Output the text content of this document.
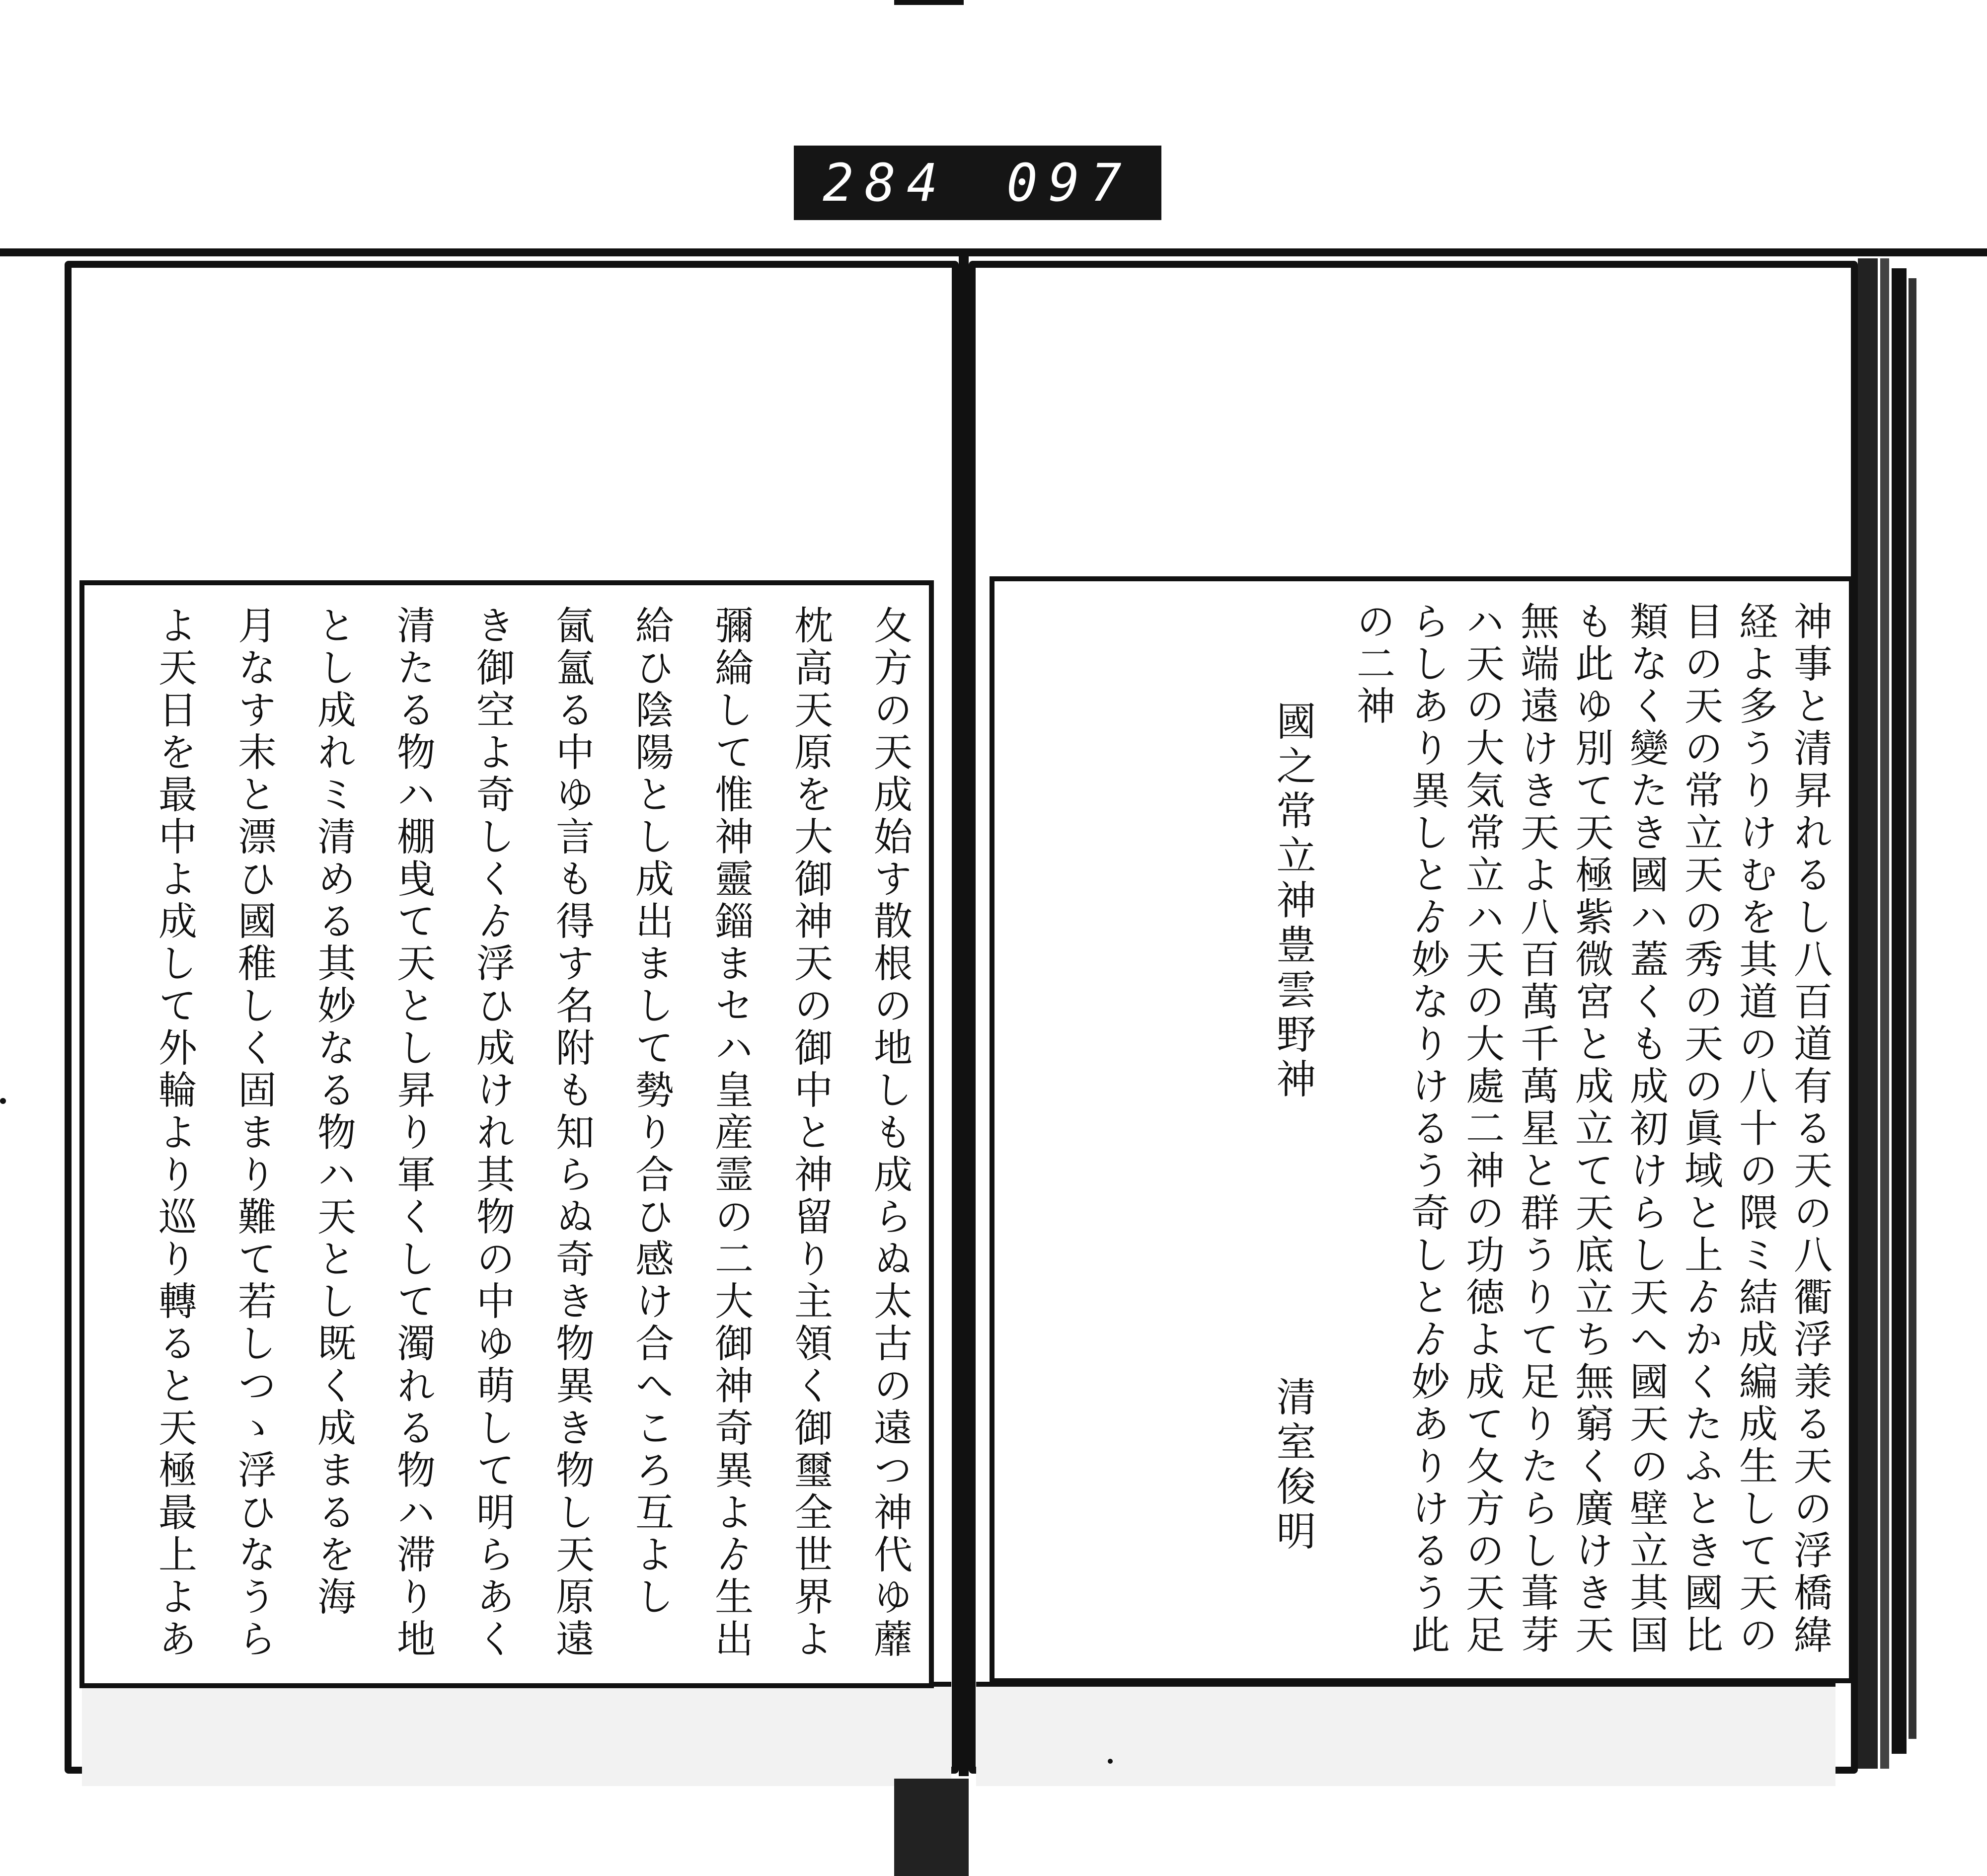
284 097
神事と清昇れるし八百道有る天の八衢浮𣴎る天の浮橋緯
経よ多うりけむを其道の八十の隈ミ結成編成生して天の
目の天の常立天の秀の天の眞域と上ゟかくたふとき國比
類なく變たき國ハ蓋くも成初けらし天へ國天の壁立其国
も此ゆ別て天極紫微宮と成立て天底立ち無窮く廣けき天
無端遠けき天よ八百萬千萬星と群うりて足りたらし葺芽
ハ天の大気常立ハ天の大處二神の功徳よ成て夂方の天足
らしあり異しとゟ妙なりけるう奇しとゟ妙ありけるう此
の二神
國之常立神豊雲野神
清室俊明
夂方の天成始す散根の地しも成らぬ太古の遠つ神代ゆ蘼
枕高天原を大御神天の御中と神留り主領く御璽全世界よ
彌綸して惟神靈錙まセハ皇産霊の二大御神奇異よゟ生出
給ひ陰陽とし成出まして勢り合ひ感け合へころ互よし
氤氳る中ゆ言も得す名附も知らぬ奇き物異き物し天原遠
き御空よ奇しくゟ浮ひ成けれ其物の中ゆ萌して明らあく
清たる物ハ棚曵て天とし昇り軍くして濁れる物ハ滞り地
とし成れミ清める其妙なる物ハ天とし既く成まるを海
月なす末と漂ひ國稚しく固まり難て若しつゝ浮ひなうら
よ天日を最中よ成して外輪より巡り轉ると天極最上よあ
